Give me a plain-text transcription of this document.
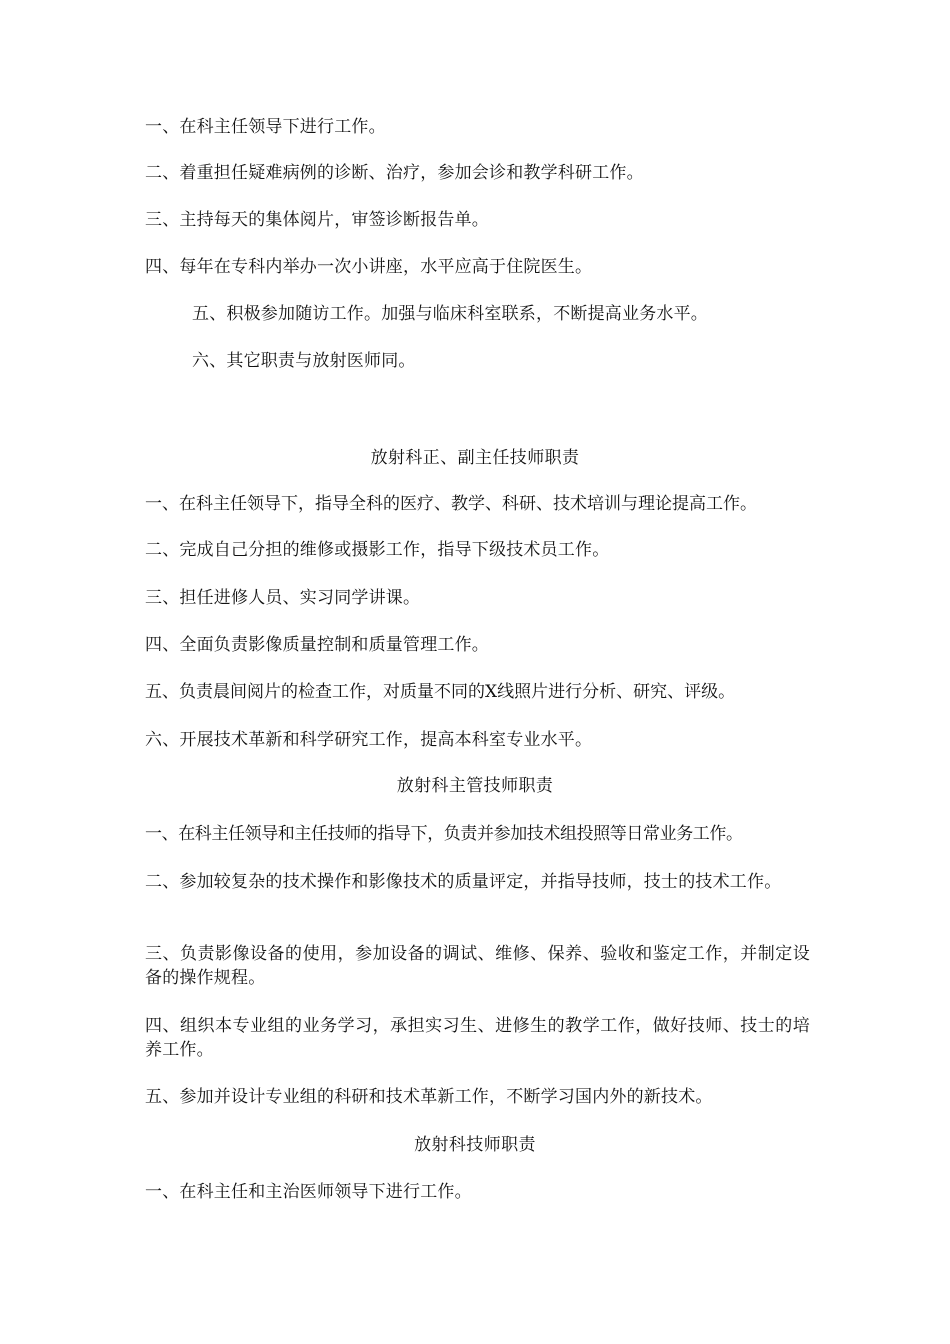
一、在科主任领导下进行工作。
二、着重担任疑难病例的诊断、治疗，参加会诊和教学科研工作。
三、主持每天的集体阅片，审签诊断报告单。
四、每年在专科内举办一次小讲座，水平应高于住院医生。
五、积极参加随访工作。加强与临床科室联系，不断提高业务水平。
六、其它职责与放射医师同。
放射科正、副主任技师职责
一、在科主任领导下，指导全科的医疗、教学、科研、技术培训与理论提高工作。
二、完成自己分担的维修或摄影工作，指导下级技术员工作。
三、担任进修人员、实习同学讲课。
四、全面负责影像质量控制和质量管理工作。
五、负责晨间阅片的检查工作，对质量不同的X线照片进行分析、研究、评级。
六、开展技术革新和科学研究工作，提高本科室专业水平。
放射科主管技师职责
一、在科主任领导和主任技师的指导下，负责并参加技术组投照等日常业务工作。
二、参加较复杂的技术操作和影像技术的质量评定，并指导技师，技士的技术工作。
三、负责影像设备的使用，参加设备的调试、维修、保养、验收和鉴定工作，并制定设备的操作规程。
四、组织本专业组的业务学习，承担实习生、进修生的教学工作，做好技师、技士的培养工作。
五、参加并设计专业组的科研和技术革新工作，不断学习国内外的新技术。
放射科技师职责
一、在科主任和主治医师领导下进行工作。
